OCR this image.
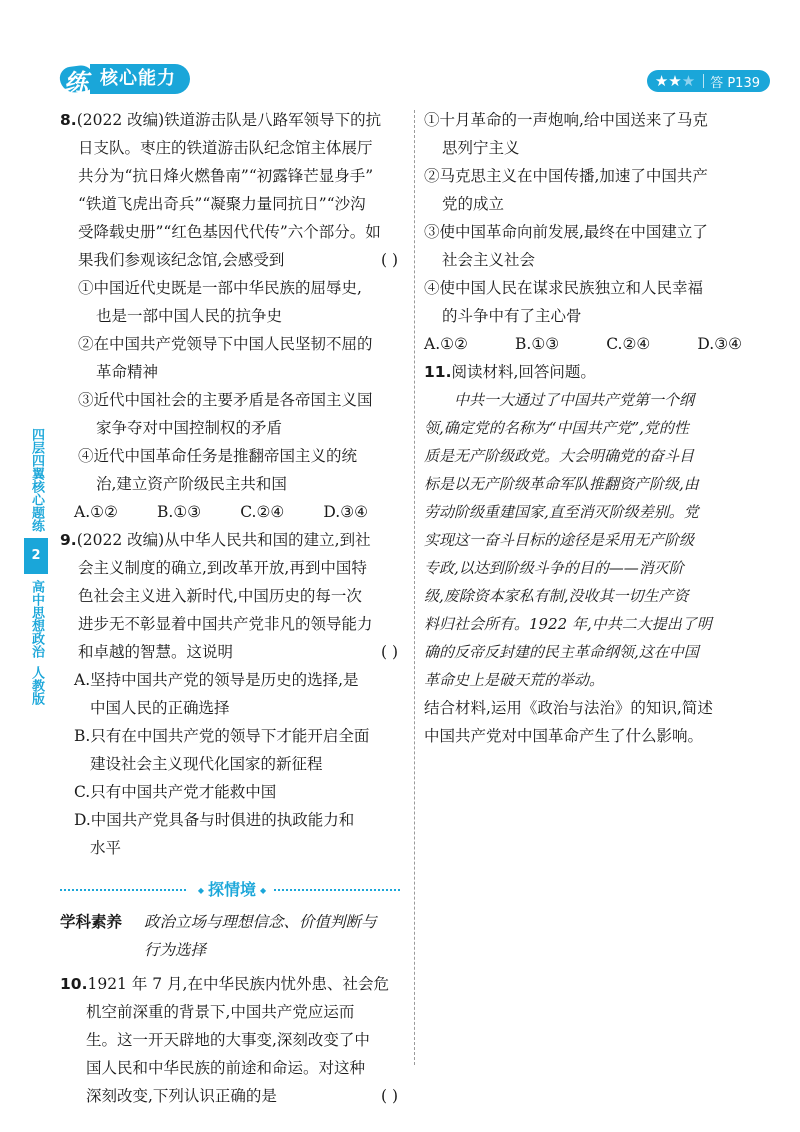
练 核心能力	★ ★ ★ 答 P139
四层四翼核心题练
2
高中思想政治
人教版
8.(2022 改编)铁道游击队是八路军领导下的抗
日支队。枣庄的铁道游击队纪念馆主体展厅
共分为“抗日烽火燃鲁南”“初露锋芒显身手”
“铁道飞虎出奇兵”“凝聚力量同抗日”“沙沟
受降载史册”“红色基因代代传”六个部分。如
果我们参观该纪念馆,会感受到	( )
①中国近代史既是一部中华民族的屈辱史,
也是一部中国人民的抗争史
②在中国共产党领导下中国人民坚韧不屈的
革命精神
③近代中国社会的主要矛盾是各帝国主义国
家争夺对中国控制权的矛盾
④近代中国革命任务是推翻帝国主义的统
治,建立资产阶级民主共和国
A.①②	B.①③	C.②④	D.③④
9.(2022 改编)从中华人民共和国的建立,到社
会主义制度的确立,到改革开放,再到中国特
色社会主义进入新时代,中国历史的每一次
进步无不彰显着中国共产党非凡的领导能力
和卓越的智慧。这说明	( )
A.坚持中国共产党的领导是历史的选择,是
中国人民的正确选择
B.只有在中国共产党的领导下才能开启全面
建设社会主义现代化国家的新征程
C.只有中国共产党才能救中国
D.中国共产党具备与时俱进的执政能力和
水平
◆ 探情境 ◆
学科素养	政治立场与理想信念、价值判断与
行为选择
10.1921 年 7 月,在中华民族内忧外患、社会危
机空前深重的背景下,中国共产党应运而
生。这一开天辟地的大事变,深刻改变了中
国人民和中华民族的前途和命运。对这种
深刻改变,下列认识正确的是	( )
①十月革命的一声炮响,给中国送来了马克
思列宁主义
②马克思主义在中国传播,加速了中国共产
党的成立
③使中国革命向前发展,最终在中国建立了
社会主义社会
④使中国人民在谋求民族独立和人民幸福
的斗争中有了主心骨
A.①②	B.①③	C.②④	D.③④
11.阅读材料,回答问题。
中共一大通过了中国共产党第一个纲
领,确定党的名称为“中国共产党”,党的性
质是无产阶级政党。大会明确党的奋斗目
标是以无产阶级革命军队推翻资产阶级,由
劳动阶级重建国家,直至消灭阶级差别。党
实现这一奋斗目标的途径是采用无产阶级
专政,以达到阶级斗争的目的——消灭阶
级,废除资本家私有制,没收其一切生产资
料归社会所有。1922 年,中共二大提出了明
确的反帝反封建的民主革命纲领,这在中国
革命史上是破天荒的举动。
结合材料,运用《政治与法治》的知识,简述
中国共产党对中国革命产生了什么影响。
